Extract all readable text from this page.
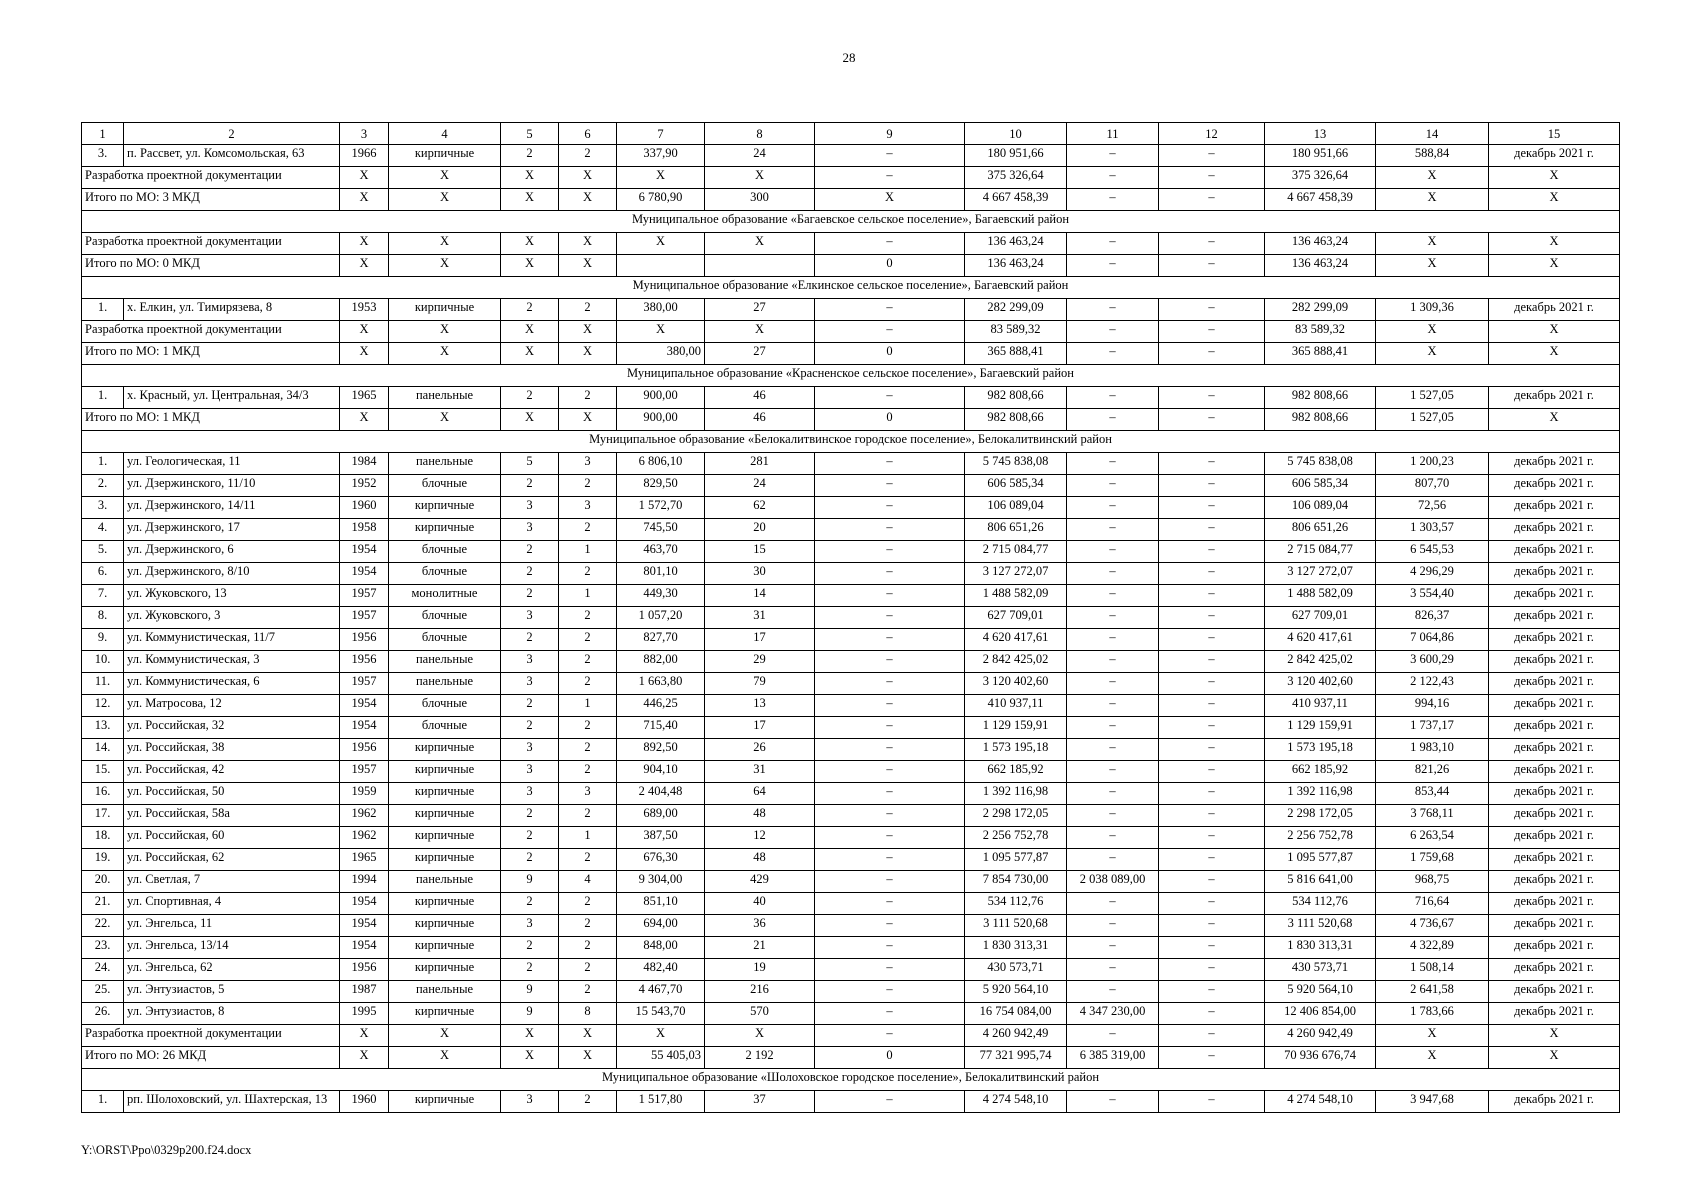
28
1	2	3	4	5	6	7	8	9	10	11	12	13	14	15
3.	п. Рассвет, ул. Комсомольская, 63	1966	кирпичные	2	2	337,90	24	–	180 951,66	–	–	180 951,66	588,84	декабрь 2021 г.
Разработка проектной документации		X	X	X	X	X	X	–	375 326,64	–	–	375 326,64	X	X
Итого по МО: 3 МКД		X	X	X	X	6 780,90	300	X	4 667 458,39	–	–	4 667 458,39	X	X
Муниципальное образование «Багаевское сельское поселение», Багаевский район														
Разработка проектной документации		X	X	X	X	X	X	–	136 463,24	–	–	136 463,24	X	X
Итого по МО: 0 МКД		X	X	X	X			0	136 463,24	–	–	136 463,24	X	X
Муниципальное образование «Елкинское сельское поселение», Багаевский район														
1.	х. Елкин, ул. Тимирязева, 8	1953	кирпичные	2	2	380,00	27	–	282 299,09	–	–	282 299,09	1 309,36	декабрь 2021 г.
Разработка проектной документации		X	X	X	X	X	X	–	83 589,32	–	–	83 589,32	X	X
Итого по МО: 1 МКД		X	X	X	X	380,00	27	0	365 888,41	–	–	365 888,41	X	X
Муниципальное образование «Красненское сельское поселение», Багаевский район														
1.	х. Красный, ул. Центральная, 34/3	1965	панельные	2	2	900,00	46	–	982 808,66	–	–	982 808,66	1 527,05	декабрь 2021 г.
Итого по МО: 1 МКД		X	X	X	X	900,00	46	0	982 808,66	–	–	982 808,66	1 527,05	X
Муниципальное образование «Белокалитвинское городское поселение», Белокалитвинский район														
1.	ул. Геологическая, 11	1984	панельные	5	3	6 806,10	281	–	5 745 838,08	–	–	5 745 838,08	1 200,23	декабрь 2021 г.
2.	ул. Дзержинского, 11/10	1952	блочные	2	2	829,50	24	–	606 585,34	–	–	606 585,34	807,70	декабрь 2021 г.
3.	ул. Дзержинского, 14/11	1960	кирпичные	3	3	1 572,70	62	–	106 089,04	–	–	106 089,04	72,56	декабрь 2021 г.
4.	ул. Дзержинского, 17	1958	кирпичные	3	2	745,50	20	–	806 651,26	–	–	806 651,26	1 303,57	декабрь 2021 г.
5.	ул. Дзержинского, 6	1954	блочные	2	1	463,70	15	–	2 715 084,77	–	–	2 715 084,77	6 545,53	декабрь 2021 г.
6.	ул. Дзержинского, 8/10	1954	блочные	2	2	801,10	30	–	3 127 272,07	–	–	3 127 272,07	4 296,29	декабрь 2021 г.
7.	ул. Жуковского, 13	1957	монолитные	2	1	449,30	14	–	1 488 582,09	–	–	1 488 582,09	3 554,40	декабрь 2021 г.
8.	ул. Жуковского, 3	1957	блочные	3	2	1 057,20	31	–	627 709,01	–	–	627 709,01	826,37	декабрь 2021 г.
9.	ул. Коммунистическая, 11/7	1956	блочные	2	2	827,70	17	–	4 620 417,61	–	–	4 620 417,61	7 064,86	декабрь 2021 г.
10.	ул. Коммунистическая, 3	1956	панельные	3	2	882,00	29	–	2 842 425,02	–	–	2 842 425,02	3 600,29	декабрь 2021 г.
11.	ул. Коммунистическая, 6	1957	панельные	3	2	1 663,80	79	–	3 120 402,60	–	–	3 120 402,60	2 122,43	декабрь 2021 г.
12.	ул. Матросова, 12	1954	блочные	2	1	446,25	13	–	410 937,11	–	–	410 937,11	994,16	декабрь 2021 г.
13.	ул. Российская, 32	1954	блочные	2	2	715,40	17	–	1 129 159,91	–	–	1 129 159,91	1 737,17	декабрь 2021 г.
14.	ул. Российская, 38	1956	кирпичные	3	2	892,50	26	–	1 573 195,18	–	–	1 573 195,18	1 983,10	декабрь 2021 г.
15.	ул. Российская, 42	1957	кирпичные	3	2	904,10	31	–	662 185,92	–	–	662 185,92	821,26	декабрь 2021 г.
16.	ул. Российская, 50	1959	кирпичные	3	3	2 404,48	64	–	1 392 116,98	–	–	1 392 116,98	853,44	декабрь 2021 г.
17.	ул. Российская, 58а	1962	кирпичные	2	2	689,00	48	–	2 298 172,05	–	–	2 298 172,05	3 768,11	декабрь 2021 г.
18.	ул. Российская, 60	1962	кирпичные	2	1	387,50	12	–	2 256 752,78	–	–	2 256 752,78	6 263,54	декабрь 2021 г.
19.	ул. Российская, 62	1965	кирпичные	2	2	676,30	48	–	1 095 577,87	–	–	1 095 577,87	1 759,68	декабрь 2021 г.
20.	ул. Светлая, 7	1994	панельные	9	4	9 304,00	429	–	7 854 730,00	2 038 089,00	–	5 816 641,00	968,75	декабрь 2021 г.
21.	ул. Спортивная, 4	1954	кирпичные	2	2	851,10	40	–	534 112,76	–	–	534 112,76	716,64	декабрь 2021 г.
22.	ул. Энгельса, 11	1954	кирпичные	3	2	694,00	36	–	3 111 520,68	–	–	3 111 520,68	4 736,67	декабрь 2021 г.
23.	ул. Энгельса, 13/14	1954	кирпичные	2	2	848,00	21	–	1 830 313,31	–	–	1 830 313,31	4 322,89	декабрь 2021 г.
24.	ул. Энгельса, 62	1956	кирпичные	2	2	482,40	19	–	430 573,71	–	–	430 573,71	1 508,14	декабрь 2021 г.
25.	ул. Энтузиастов, 5	1987	панельные	9	2	4 467,70	216	–	5 920 564,10	–	–	5 920 564,10	2 641,58	декабрь 2021 г.
26.	ул. Энтузиастов, 8	1995	кирпичные	9	8	15 543,70	570	–	16 754 084,00	4 347 230,00	–	12 406 854,00	1 783,66	декабрь 2021 г.
Разработка проектной документации		X	X	X	X	X	X	–	4 260 942,49	–	–	4 260 942,49	X	X
Итого по МО: 26 МКД		X	X	X	X	55 405,03	2 192	0	77 321 995,74	6 385 319,00	–	70 936 676,74	X	X
Муниципальное образование «Шолоховское городское поселение», Белокалитвинский район														
1.	рп. Шолоховский, ул. Шахтерская, 13	1960	кирпичные	3	2	1 517,80	37	–	4 274 548,10	–	–	4 274 548,10	3 947,68	декабрь 2021 г.
Y:\ORST\Ppo\0329p200.f24.docx
